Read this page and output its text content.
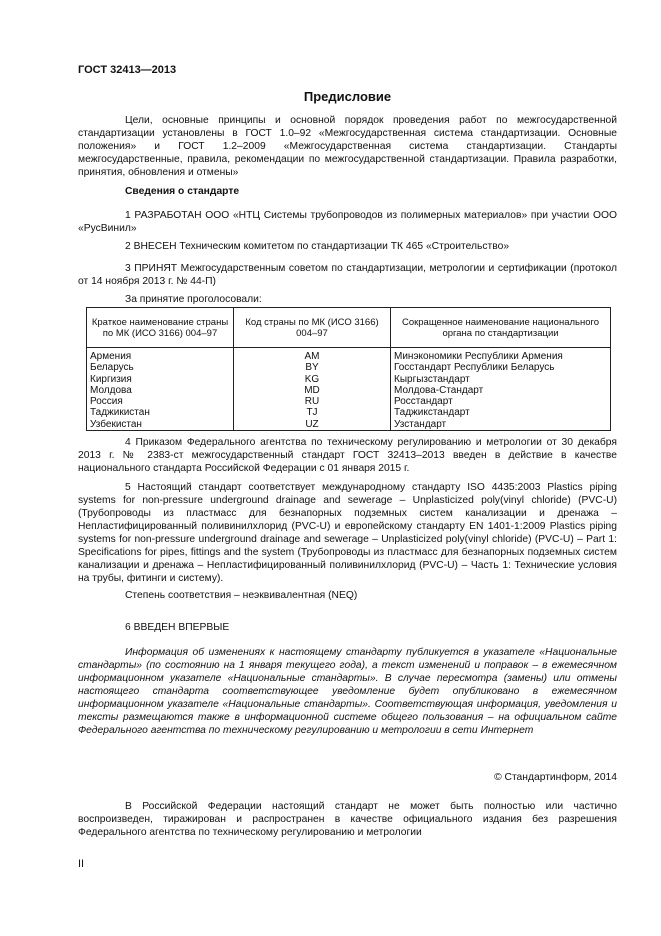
ГОСТ 32413—2013
Предисловие

Цели, основные принципы и основной порядок проведения работ по межгосударственной стандартизации установлены в ГОСТ 1.0–92 «Межгосударственная система стандартизации. Основные положения» и ГОСТ 1.2–2009 «Межгосударственная система стандартизации. Стандарты межгосударственные, правила, рекомендации по межгосударственной стандартизации. Правила разработки, принятия, обновления и отмены»

Сведения о стандарте

1 РАЗРАБОТАН ООО «НТЦ Системы трубопроводов из полимерных материалов» при участии ООО «РусВинил»

2 ВНЕСЕН Техническим комитетом по стандартизации ТК 465 «Строительство»

3 ПРИНЯТ Межгосударственным советом по стандартизации, метрологии и сертификации (протокол от 14 ноября 2013 г. № 44-П)

За принятие проголосовали:

Краткое наименование страны по МК (ИСО 3166) 004–97	Код страны по МК (ИСО 3166) 004–97	Сокращенное наименование национального органа по стандартизации
Армения	AM	Минэкономики Республики Армения
Беларусь	BY	Госстандарт Республики Беларусь
Киргизия	KG	Кыргызстандарт
Молдова	MD	Молдова-Стандарт
Россия	RU	Росстандарт
Таджикистан	TJ	Таджикстандарт
Узбекистан	UZ	Узстандарт

4 Приказом Федерального агентства по техническому регулированию и метрологии от 30 декабря 2013 г. № 2383-ст межгосударственный стандарт ГОСТ 32413–2013 введен в действие в качестве национального стандарта Российской Федерации с 01 января 2015 г.

5 Настоящий стандарт соответствует международному стандарту ISO 4435:2003 Plastics piping systems for non-pressure underground drainage and sewerage – Unplasticized poly(vinyl chloride) (PVC-U) (Трубопроводы из пластмасс для безнапорных подземных систем канализации и дренажа – Непластифицированный поливинилхлорид (PVC-U) и европейскому стандарту EN 1401-1:2009 Plastics piping systems for non-pressure underground drainage and sewerage – Unplasticized poly(vinyl chloride) (PVC-U) – Part 1: Specifications for pipes, fittings and the system (Трубопроводы из пластмасс для безнапорных подземных систем канализации и дренажа – Непластифицированный поливинилхлорид (PVC-U) – Часть 1: Технические условия на трубы, фитинги и систему).

Степень соответствия – неэквивалентная (NEQ)

6 ВВЕДЕН ВПЕРВЫЕ

Информация об изменениях к настоящему стандарту публикуется в указателе «Национальные стандарты» (по состоянию на 1 января текущего года), а текст изменений и поправок – в ежемесячном информационном указателе «Национальные стандарты». В случае пересмотра (замены) или отмены настоящего стандарта соответствующее уведомление будет опубликовано в ежемесячном информационном указателе «Национальные стандарты». Соответствующая информация, уведомления и тексты размещаются также в информационной системе общего пользования – на официальном сайте Федерального агентства по техническому регулированию и метрологии в сети Интернет

© Стандартинформ, 2014

В Российской Федерации настоящий стандарт не может быть полностью или частично воспроизведен, тиражирован и распространен в качестве официального издания без разрешения Федерального агентства по техническому регулированию и метрологии

II
